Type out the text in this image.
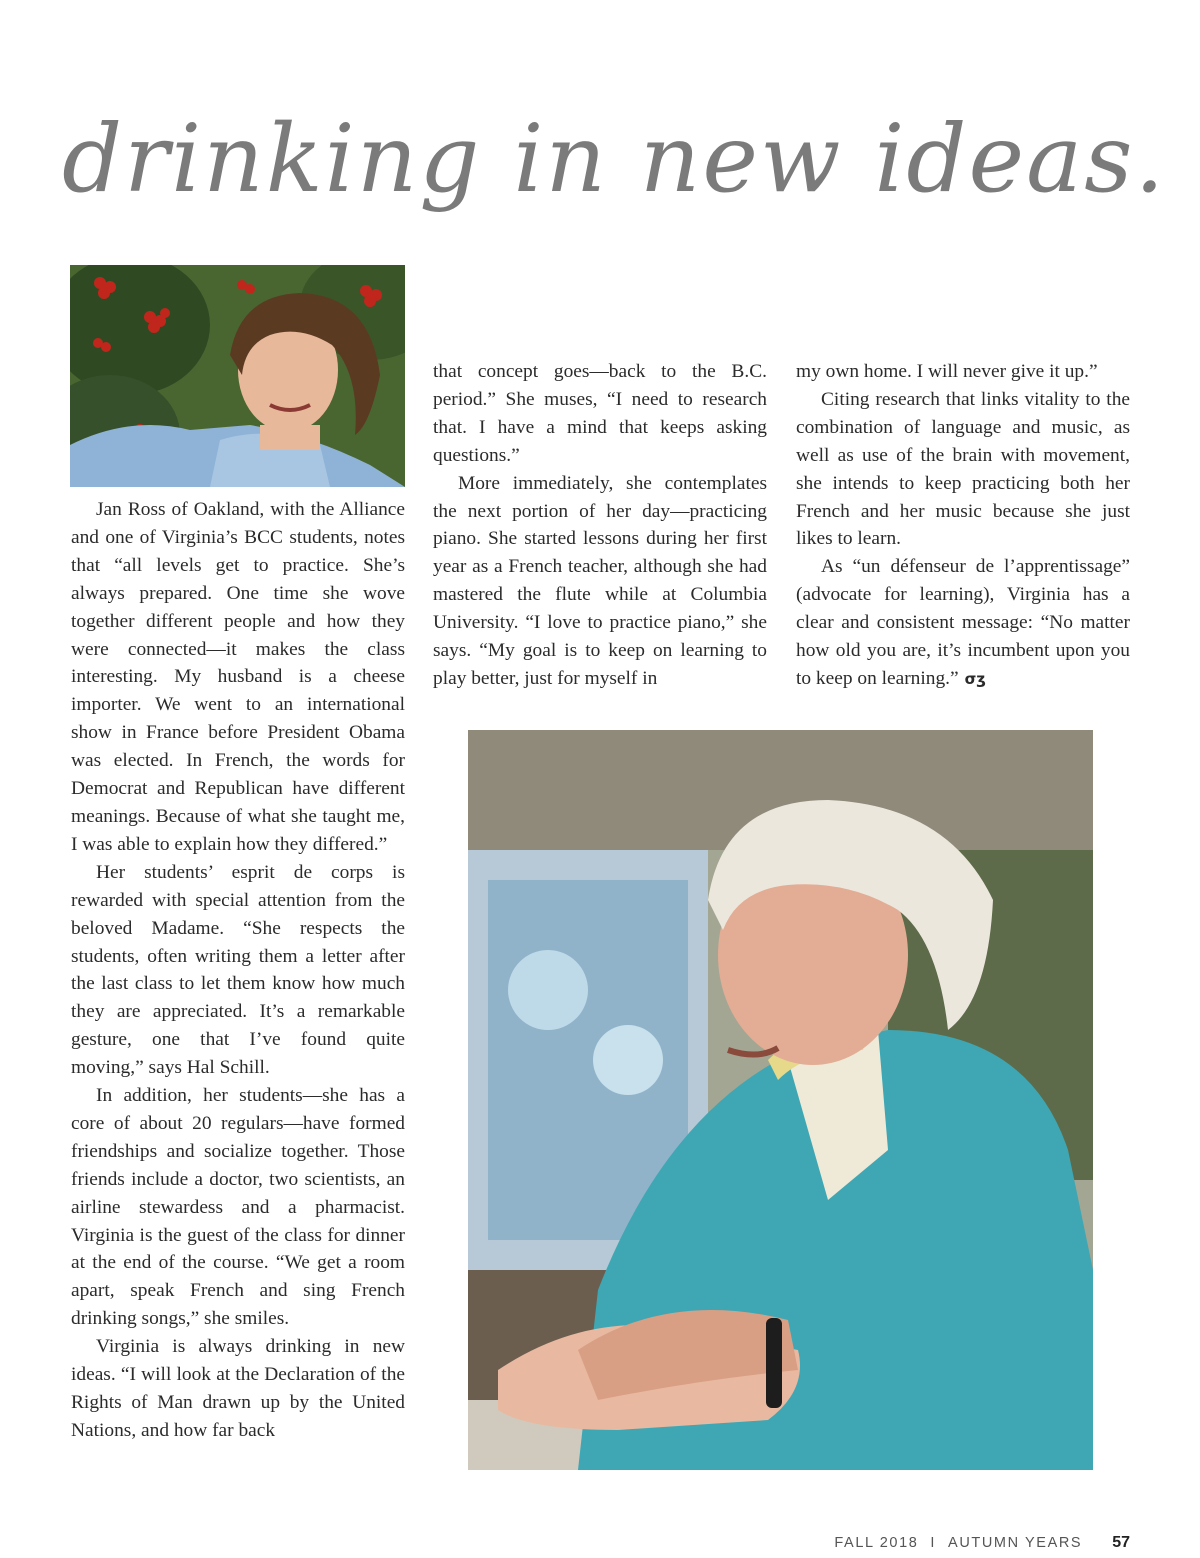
drinking in new ideas.

Jan Ross of Oakland, with the Alliance and one of Virginia’s BCC students, notes that “all levels get to practice. She’s always prepared. One time she wove together different people and how they were connected—it makes the class interesting. My husband is a cheese importer. We went to an international show in France before President Obama was elected. In French, the words for Democrat and Republican have different meanings. Because of what she taught me, I was able to explain how they differed.”

Her students’ esprit de corps is rewarded with special attention from the beloved Madame. “She respects the students, often writing them a letter after the last class to let them know how much they are appreciated. It’s a remarkable gesture, one that I’ve found quite moving,” says Hal Schill.

In addition, her students—she has a core of about 20 regulars—have formed friendships and socialize together. Those friends include a doctor, two scientists, an airline stewardess and a pharmacist. Virginia is the guest of the class for dinner at the end of the course. “We get a room apart, speak French and sing French drinking songs,” she smiles.

Virginia is always drinking in new ideas. “I will look at the Declaration of the Rights of Man drawn up by the United Nations, and how far back

that concept goes—back to the B.C. period.” She muses, “I need to research that. I have a mind that keeps asking questions.”

More immediately, she contemplates the next portion of her day—practicing piano. She started lessons during her first year as a French teacher, although she had mastered the flute while at Columbia University. “I love to practice piano,” she says. “My goal is to keep on learning to play better, just for myself in

my own home. I will never give it up.”

Citing research that links vitality to the combination of language and music, as well as use of the brain with movement, she intends to keep practicing both her French and her music because she just likes to learn.

As “un défenseur de l’apprentissage” (advocate for learning), Virginia has a clear and consistent message: “No matter how old you are, it’s incumbent upon you to keep on learning.” σʒ

FALL 2018 I AUTUMN YEARS 57
